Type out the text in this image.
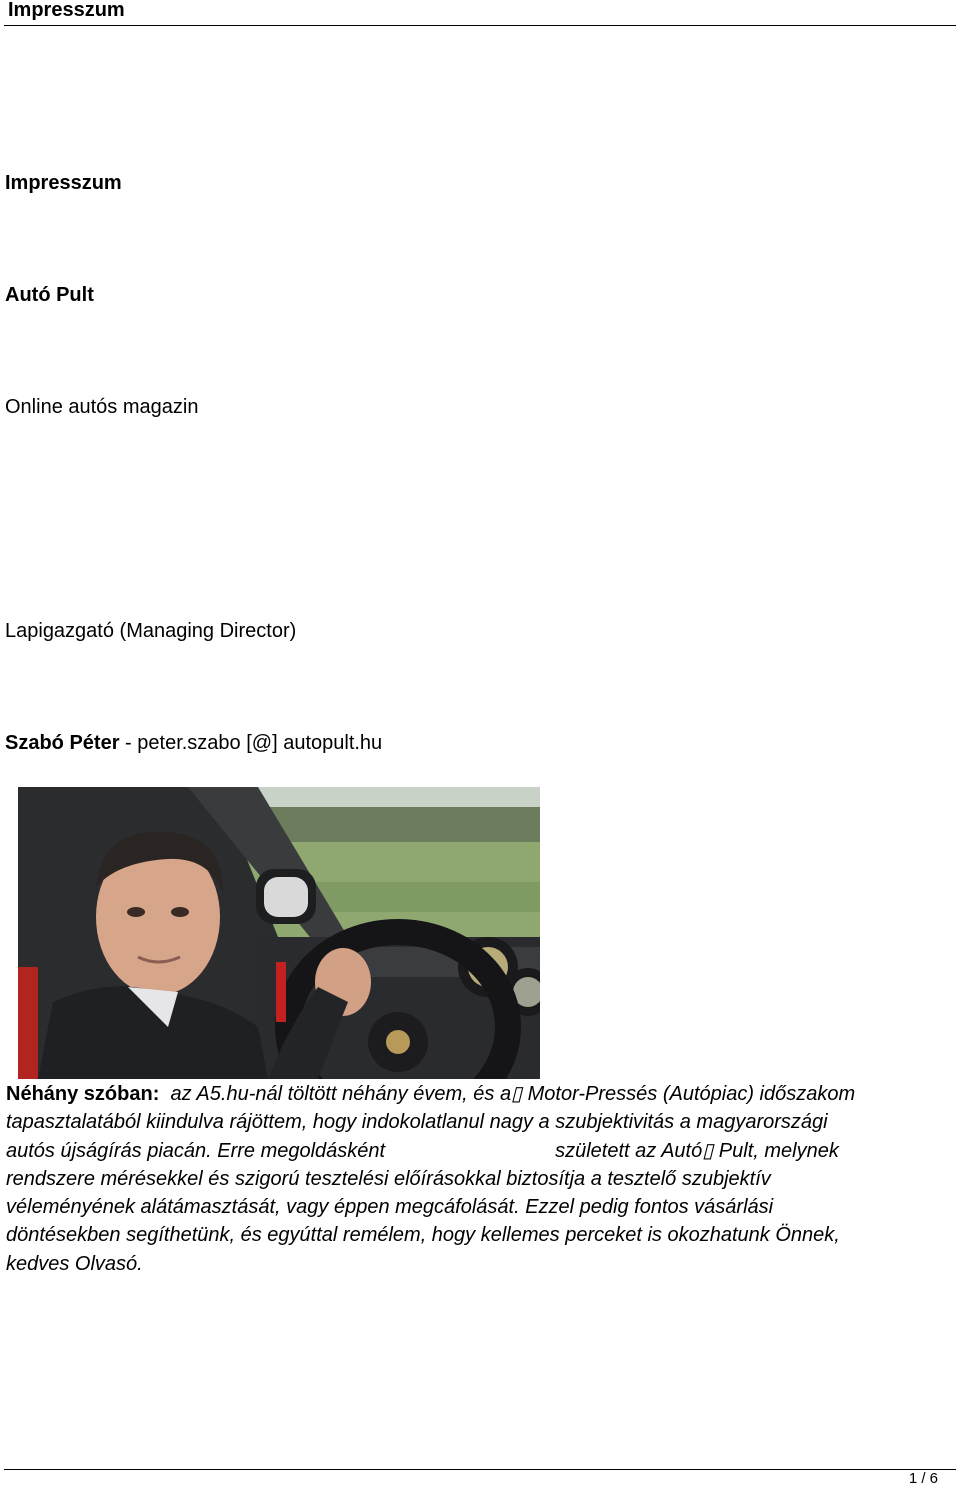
Impresszum
Impresszum
Autó Pult
Online autós magazin
Lapigazgató (Managing Director)
Szabó Péter - peter.szabo [@] autopult.hu
Néhány szóban: az A5.hu-nál töltött néhány évem, és a▯ Motor-Pressés (Autópiac) időszakom
tapasztalatából kiindulva rájöttem, hogy indokolatlanul nagy a szubjektivitás a magyarországi
autós újságírás piacán. Erre megoldásként	született az Autó▯ Pult, melynek
rendszere mérésekkel és szigorú tesztelési előírásokkal biztosítja a tesztelő szubjektív
véleményének alátámasztását, vagy éppen megcáfolását. Ezzel pedig fontos vásárlási
döntésekben segíthetünk, és egyúttal remélem, hogy kellemes perceket is okozhatunk Önnek,
kedves Olvasó.
1 / 6
